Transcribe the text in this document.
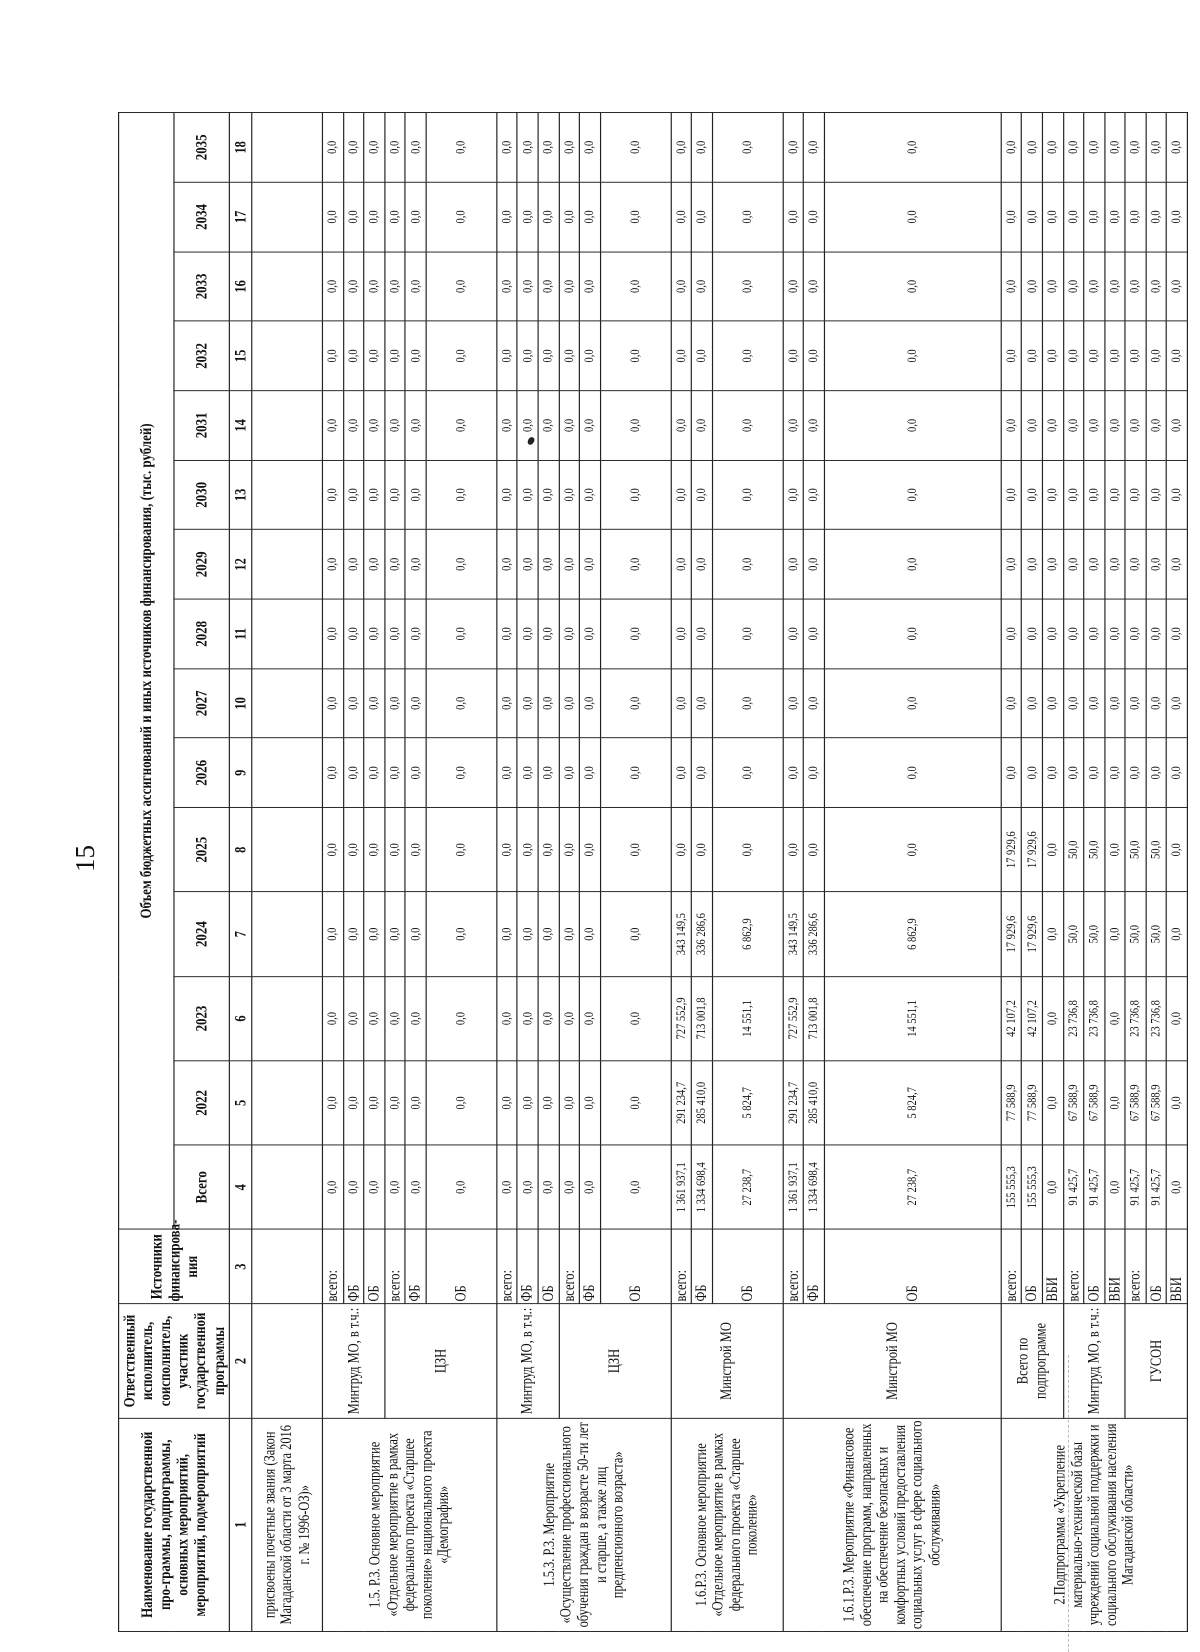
15
Наименование государственной про-граммы, подпрограммы, основных мероприятий, мероприятий, подмероприятий	Ответственный исполнитель, соисполнитель, участник государственной программы	Источники финансирова-ния	Объем бюджетных ассигнований и иных источников финансирования, (тыс. рублей)														
			Всего	2022	2023	2024	2025	2026	2027	2028	2029	2030	2031	2032	2033	2034	2035
1	2	3	4	5	6	7	8	9	10	11	12	13	14	15	16	17	18
присвоены почетные звания (Закон Магаданской области от 3 марта 2016 г. № 1996-ОЗ)»																	
1.5. Р.3. Основное мероприятие «Отдельное мероприятие в рамках федерального проекта «Старшее поколение» национального проекта «Демография»	Минтруд МО, в т.ч.:	всего:	0,0	0,0	0,0	0,0	0,0	0,0	0,0	0,0	0,0	0,0	0,0	0,0	0,0	0,0	0,0
		ФБ	0,0	0,0	0,0	0,0	0,0	0,0	0,0	0,0	0,0	0,0	0,0	0,0	0,0	0,0	0,0
		ОБ	0,0	0,0	0,0	0,0	0,0	0,0	0,0	0,0	0,0	0,0	0,0	0,0	0,0	0,0	0,0
	ЦЗН	всего:	0,0	0,0	0,0	0,0	0,0	0,0	0,0	0,0	0,0	0,0	0,0	0,0	0,0	0,0	0,0
		ФБ	0,0	0,0	0,0	0,0	0,0	0,0	0,0	0,0	0,0	0,0	0,0	0,0	0,0	0,0	0,0
		ОБ	0,0	0,0	0,0	0,0	0,0	0,0	0,0	0,0	0,0	0,0	0,0	0,0	0,0	0,0	0,0
1.5.3. Р.3. Мероприятие «Осуществление профессионального обучения граждан в возрасте 50-ти лет и старше, а также лиц предпенсионного возраста»	Минтруд МО, в т.ч.:	всего:	0,0	0,0	0,0	0,0	0,0	0,0	0,0	0,0	0,0	0,0	0,0	0,0	0,0	0,0	0,0
		ФБ	0,0	0,0	0,0	0,0	0,0	0,0	0,0	0,0	0,0	0,0	0,0	0,0	0,0	0,0	0,0
		ОБ	0,0	0,0	0,0	0,0	0,0	0,0	0,0	0,0	0,0	0,0	0,0	0,0	0,0	0,0	0,0
	ЦЗН	всего:	0,0	0,0	0,0	0,0	0,0	0,0	0,0	0,0	0,0	0,0	0,0	0,0	0,0	0,0	0,0
		ФБ	0,0	0,0	0,0	0,0	0,0	0,0	0,0	0,0	0,0	0,0	0,0	0,0	0,0	0,0	0,0
		ОБ	0,0	0,0	0,0	0,0	0,0	0,0	0,0	0,0	0,0	0,0	0,0	0,0	0,0	0,0	0,0
1.6.Р.3. Основное мероприятие «Отдельное мероприятие в рамках федерального проекта «Старшее поколение»	Минстрой МО	всего:	1 361 937,1	291 234,7	727 552,9	343 149,5	0,0	0,0	0,0	0,0	0,0	0,0	0,0	0,0	0,0	0,0	0,0
		ФБ	1 334 698,4	285 410,0	713 001,8	336 286,6	0,0	0,0	0,0	0,0	0,0	0,0	0,0	0,0	0,0	0,0	0,0
		ОБ	27 238,7	5 824,7	14 551,1	6 862,9	0,0	0,0	0,0	0,0	0,0	0,0	0,0	0,0	0,0	0,0	0,0
1.6.1.Р.3. Мероприятие «Финансовое обеспечение программ, направленных на обеспечение безопасных и комфортных условий предоставления социальных услуг в сфере социального обслуживания»	Минстрой МО	всего:	1 361 937,1	291 234,7	727 552,9	343 149,5	0,0	0,0	0,0	0,0	0,0	0,0	0,0	0,0	0,0	0,0	0,0
		ФБ	1 334 698,4	285 410,0	713 001,8	336 286,6	0,0	0,0	0,0	0,0	0,0	0,0	0,0	0,0	0,0	0,0	0,0
		ОБ	27 238,7	5 824,7	14 551,1	6 862,9	0,0	0,0	0,0	0,0	0,0	0,0	0,0	0,0	0,0	0,0	0,0
2.Подпрограмма «Укрепление материально-технической базы учреждений социальной поддержки и социального обслуживания населения Магаданской области»	Всего по подпрограмме	всего:	155 555,3	77 588,9	42 107,2	17 929,6	17 929,6	0,0	0,0	0,0	0,0	0,0	0,0	0,0	0,0	0,0	0,0
		ОБ	155 555,3	77 588,9	42 107,2	17 929,6	17 929,6	0,0	0,0	0,0	0,0	0,0	0,0	0,0	0,0	0,0	0,0
		ВБИ	0,0	0,0	0,0	0,0	0,0	0,0	0,0	0,0	0,0	0,0	0,0	0,0	0,0	0,0	0,0
	Минтруд МО, в т.ч.:	всего:	91 425,7	67 588,9	23 736,8	50,0	50,0	0,0	0,0	0,0	0,0	0,0	0,0	0,0	0,0	0,0	0,0
		ОБ	91 425,7	67 588,9	23 736,8	50,0	50,0	0,0	0,0	0,0	0,0	0,0	0,0	0,0	0,0	0,0	0,0
		ВБИ	0,0	0,0	0,0	0,0	0,0	0,0	0,0	0,0	0,0	0,0	0,0	0,0	0,0	0,0	0,0
	ГУСОН	всего:	91 425,7	67 588,9	23 736,8	50,0	50,0	0,0	0,0	0,0	0,0	0,0	0,0	0,0	0,0	0,0	0,0
		ОБ	91 425,7	67 588,9	23 736,8	50,0	50,0	0,0	0,0	0,0	0,0	0,0	0,0	0,0	0,0	0,0	0,0
		ВБИ	0,0	0,0	0,0	0,0	0,0	0,0	0,0	0,0	0,0	0,0	0,0	0,0	0,0	0,0	0,0
